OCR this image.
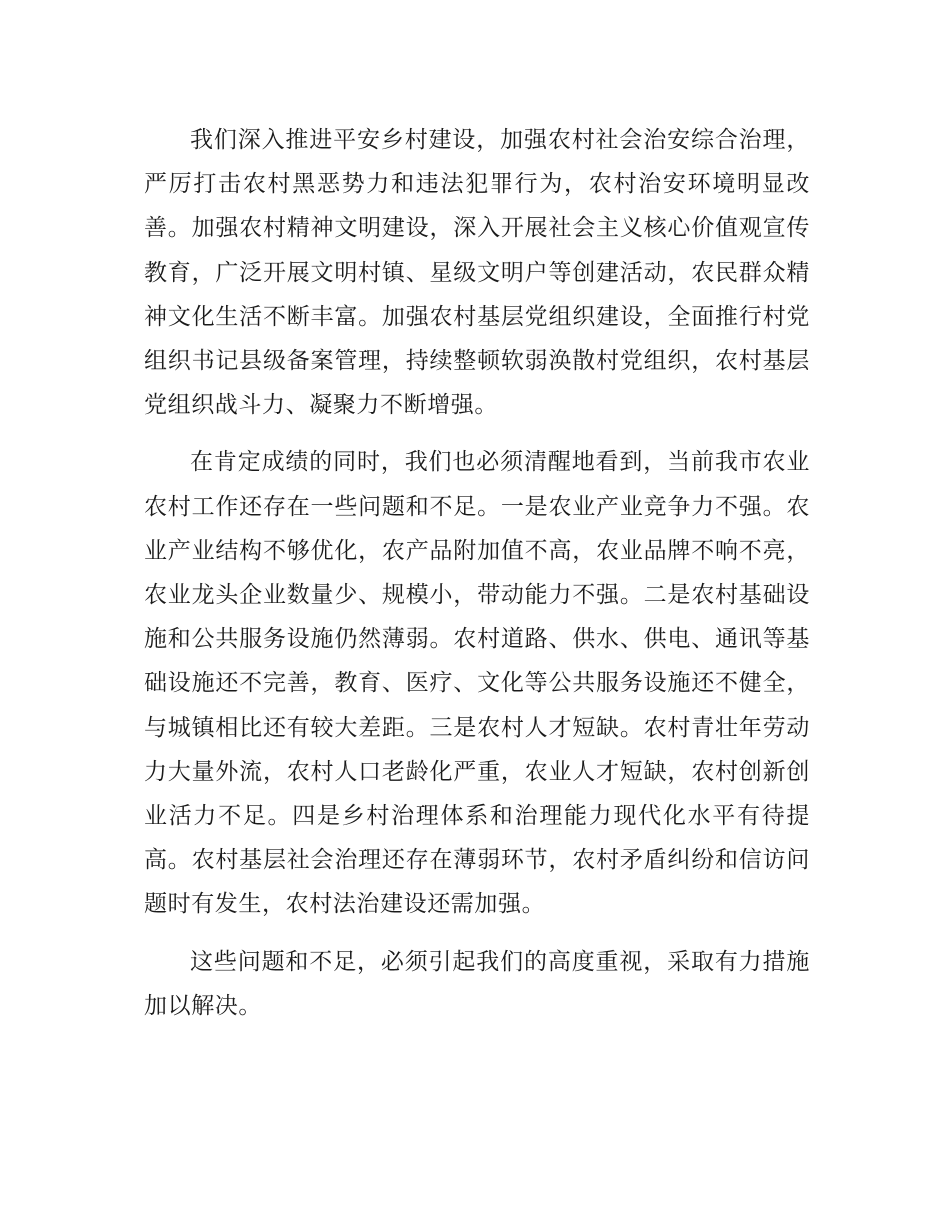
我们深入推进平安乡村建设，加强农村社会治安综合治理，严厉打击农村黑恶势力和违法犯罪行为，农村治安环境明显改善。加强农村精神文明建设，深入开展社会主义核心价值观宣传教育，广泛开展文明村镇、星级文明户等创建活动，农民群众精神文化生活不断丰富。加强农村基层党组织建设，全面推行村党组织书记县级备案管理，持续整顿软弱涣散村党组织，农村基层党组织战斗力、凝聚力不断增强。

在肯定成绩的同时，我们也必须清醒地看到，当前我市农业农村工作还存在一些问题和不足。一是农业产业竞争力不强。农业产业结构不够优化，农产品附加值不高，农业品牌不响不亮，农业龙头企业数量少、规模小，带动能力不强。二是农村基础设施和公共服务设施仍然薄弱。农村道路、供水、供电、通讯等基础设施还不完善，教育、医疗、文化等公共服务设施还不健全，与城镇相比还有较大差距。三是农村人才短缺。农村青壮年劳动力大量外流，农村人口老龄化严重，农业人才短缺，农村创新创业活力不足。四是乡村治理体系和治理能力现代化水平有待提高。农村基层社会治理还存在薄弱环节，农村矛盾纠纷和信访问题时有发生，农村法治建设还需加强。

这些问题和不足，必须引起我们的高度重视，采取有力措施加以解决。
